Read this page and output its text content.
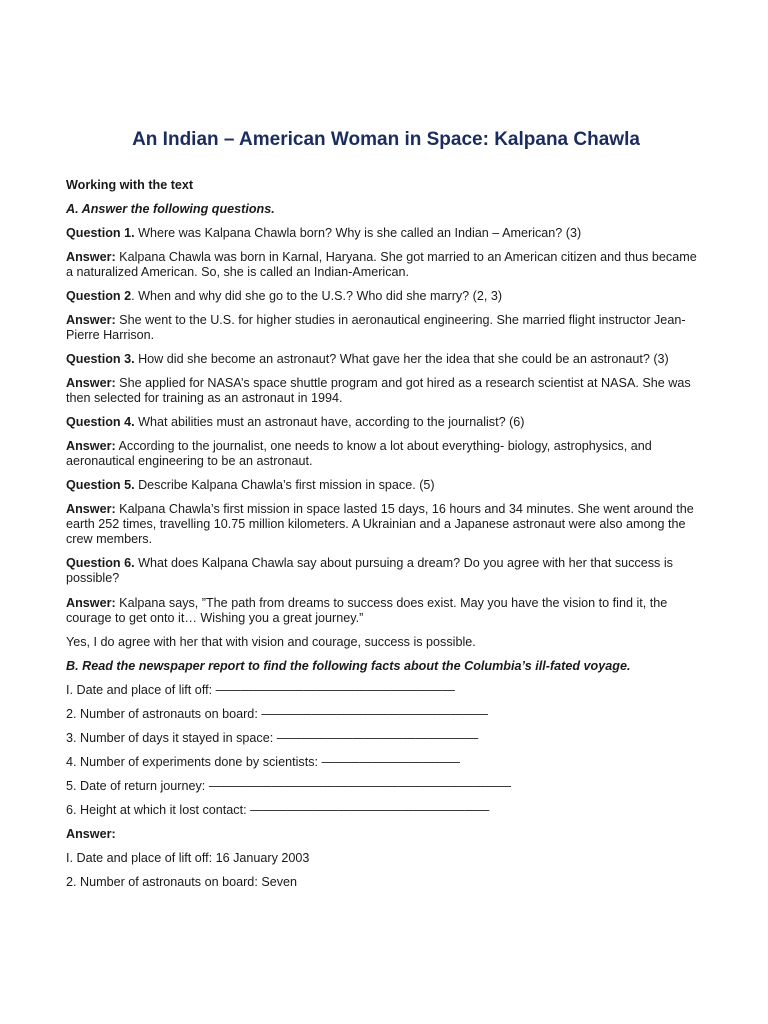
An Indian – American Woman in Space: Kalpana Chawla

Working with the text

A. Answer the following questions.

Question 1. Where was Kalpana Chawla born? Why is she called an Indian – American? (3)

Answer: Kalpana Chawla was born in Karnal, Haryana. She got married to an American citizen and thus became a naturalized American. So, she is called an Indian-American.

Question 2. When and why did she go to the U.S.? Who did she marry? (2, 3)

Answer: She went to the U.S. for higher studies in aeronautical engineering. She married flight instructor Jean-Pierre Harrison.

Question 3. How did she become an astronaut? What gave her the idea that she could be an astronaut? (3)

Answer: She applied for NASA’s space shuttle program and got hired as a research scientist at NASA. She was then selected for training as an astronaut in 1994.

Question 4. What abilities must an astronaut have, according to the journalist? (6)

Answer: According to the journalist, one needs to know a lot about everything- biology, astrophysics, and aeronautical engineering to be an astronaut.

Question 5. Describe Kalpana Chawla’s first mission in space. (5)

Answer: Kalpana Chawla’s first mission in space lasted 15 days, 16 hours and 34 minutes. She went around the earth 252 times, travelling 10.75 million kilometers. A Ukrainian and a Japanese astronaut were also among the crew members.

Question 6. What does Kalpana Chawla say about pursuing a dream? Do you agree with her that success is possible?

Answer: Kalpana says, ”The path from dreams to success does exist. May you have the vision to find it, the courage to get onto it… Wishing you a great journey.”

Yes, I do agree with her that with vision and courage, success is possible.

B. Read the newspaper report to find the following facts about the Columbia’s ill-fated voyage.

I. Date and place of lift off: ———————————————————

2. Number of astronauts on board: ——————————————————

3. Number of days it stayed in space: ————————————————

4. Number of experiments done by scientists: ———————————

5. Date of return journey: ————————————————————————

6. Height at which it lost contact: ———————————————————

Answer:

I. Date and place of lift off: 16 January 2003

2. Number of astronauts on board: Seven
